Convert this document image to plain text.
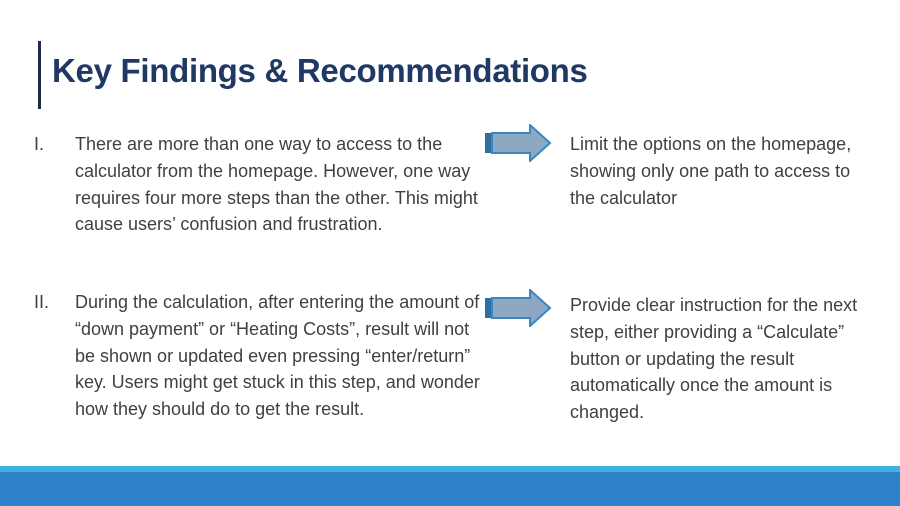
Key Findings & Recommendations
I. There are more than one way to access to the calculator from the homepage. However, one way requires four more steps than the other. This might cause users’ confusion and frustration.
Limit the options on the homepage, showing only one path to access to the calculator
II. During the calculation, after entering the amount of “down payment” or “Heating Costs”, result will not be shown or updated even pressing “enter/return” key. Users might get stuck in this step, and wonder how they should do to get the result.
Provide clear instruction for the next step, either providing a “Calculate” button or updating the result automatically once the amount is changed.
